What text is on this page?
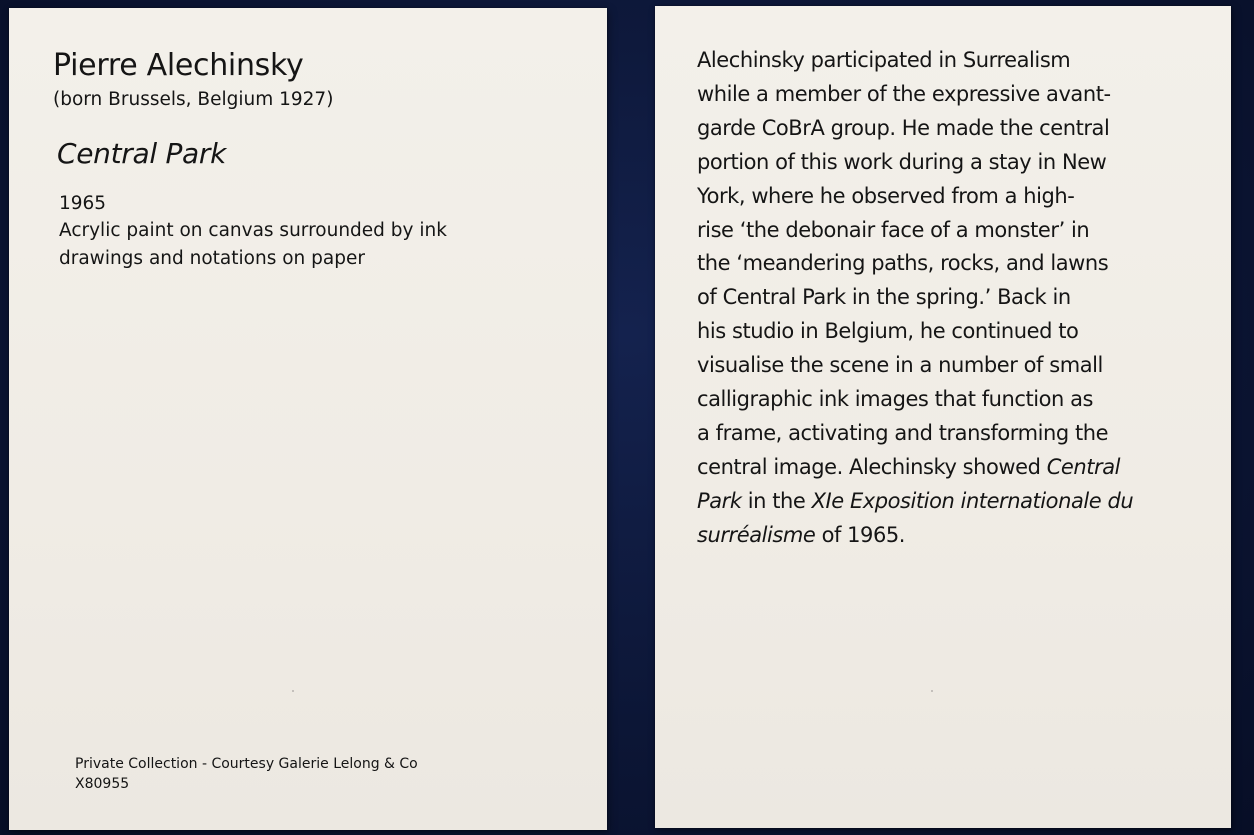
Pierre Alechinsky
(born Brussels, Belgium 1927)
Central Park
1965
Acrylic paint on canvas surrounded by ink
drawings and notations on paper
Private Collection - Courtesy Galerie Lelong & Co
X80955
Alechinsky participated in Surrealism
while a member of the expressive avant-
garde CoBrA group. He made the central
portion of this work during a stay in New
York, where he observed from a high-
rise ‘the debonair face of a monster’ in
the ‘meandering paths, rocks, and lawns
of Central Park in the spring.’ Back in
his studio in Belgium, he continued to
visualise the scene in a number of small
calligraphic ink images that function as
a frame, activating and transforming the
central image. Alechinsky showed Central
Park in the XIe Exposition internationale du
surréalisme of 1965.
